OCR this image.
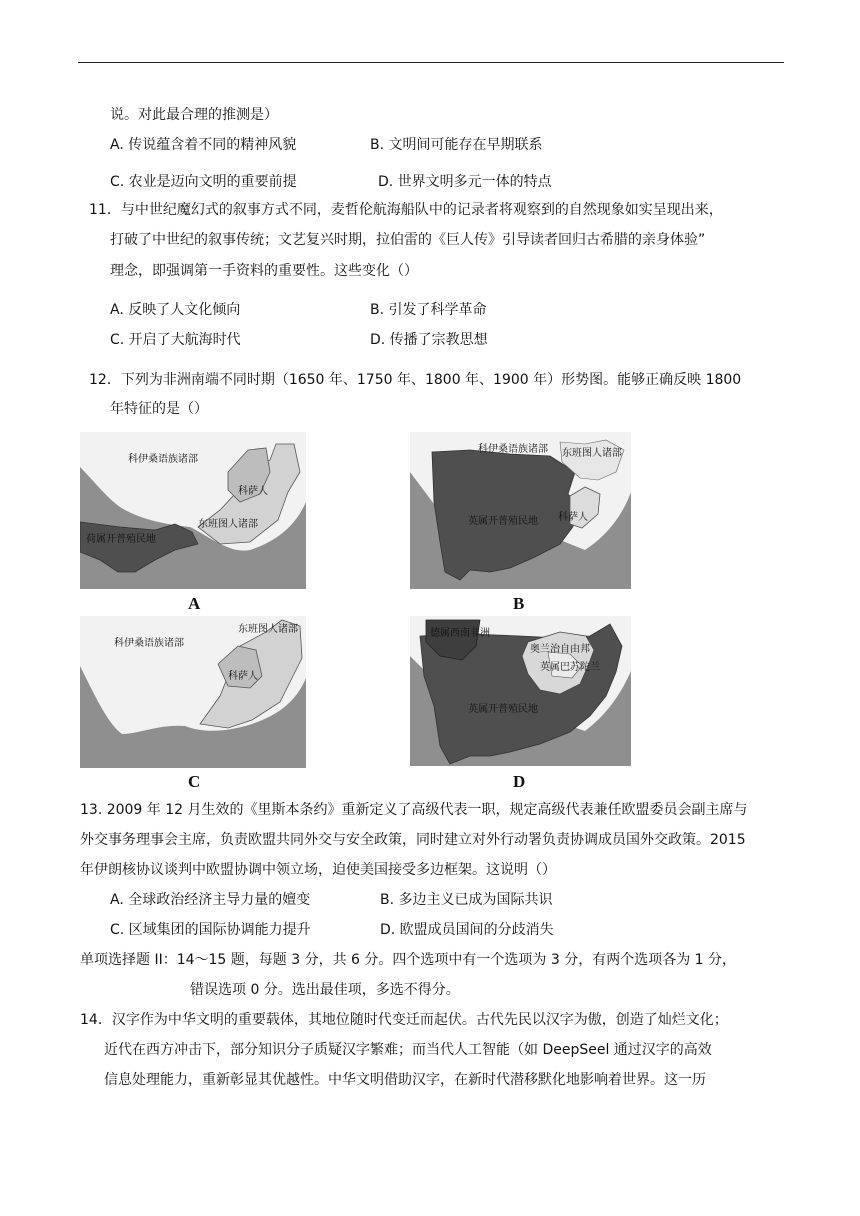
说。对此最合理的推测是）
A. 传说蕴含着不同的精神风貌	B. 文明间可能存在早期联系
C. 农业是迈向文明的重要前提	D. 世界文明多元一体的特点
11．与中世纪魔幻式的叙事方式不同，麦哲伦航海船队中的记录者将观察到的自然现象如实呈现出来，
打破了中世纪的叙事传统；文艺复兴时期，拉伯雷的《巨人传》引导读者回归古希腊的亲身体验”
理念，即强调第一手资料的重要性。这些变化（）
A. 反映了人文化倾向	B. 引发了科学革命
C. 开启了大航海时代	D. 传播了宗教思想
12．下列为非洲南端不同时期（1650 年、1750 年、1800 年、1900 年）形势图。能够正确反映 1800
年特征的是（）
科伊桑语族诸部
科萨人
东班图人诸部
荷属开普殖民地
A
科伊桑语族诸部 东班图人诸部
英属开普殖民地 科萨人
B
科伊桑语族诸部
东班图人诸部
科萨人
C
德属西南非洲
奥兰治自由邦
英属巴苏陀兰
英属开普殖民地
D
13. 2009 年 12 月生效的《里斯本条约》重新定义了高级代表一职，规定高级代表兼任欧盟委员会副主席与
外交事务理事会主席，负责欧盟共同外交与安全政策，同时建立对外行动署负责协调成员国外交政策。2015
年伊朗核协议谈判中欧盟协调中领立场，迫使美国接受多边框架。这说明（）
A. 全球政治经济主导力量的嬗变	B. 多边主义已成为国际共识
C. 区域集团的国际协调能力提升	D. 欧盟成员国间的分歧消失
单项选择题 II：14～15 题，每题 3 分，共 6 分。四个选项中有一个选项为 3 分，有两个选项各为 1 分，
错误选项 0 分。选出最佳项，多选不得分。
14．汉字作为中华文明的重要载体，其地位随时代变迁而起伏。古代先民以汉字为傲，创造了灿烂文化；
近代在西方冲击下，部分知识分子质疑汉字繁难；而当代人工智能（如 DeepSeel 通过汉字的高效
信息处理能力，重新彰显其优越性。中华文明借助汉字，在新时代潜移默化地影响着世界。这一历
